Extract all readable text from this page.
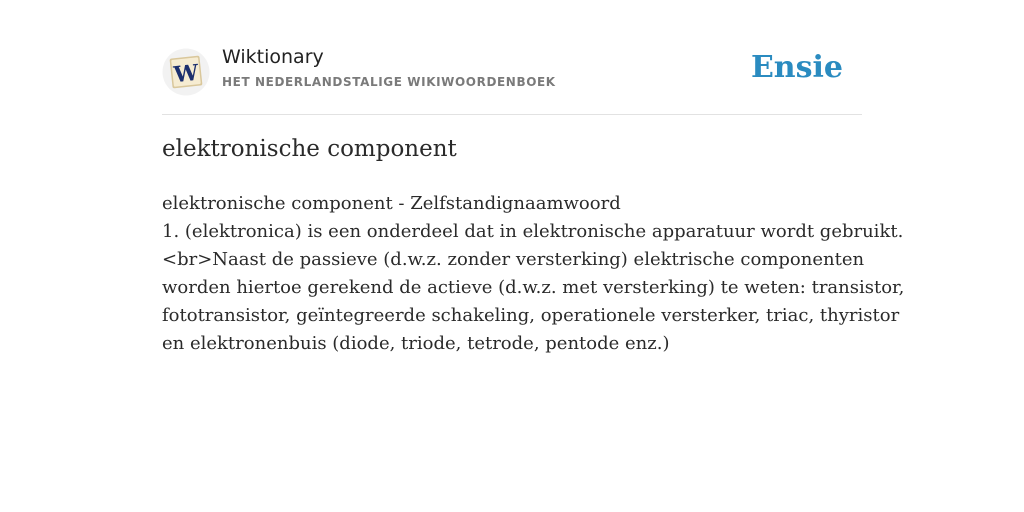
W
Wiktionary
HET NEDERLANDSTALIGE WIKIWOORDENBOEK	Ensie
elektronische component
elektronische component - Zelfstandignaamwoord
1. (elektronica) is een onderdeel dat in elektronische apparatuur wordt gebruikt.
<br>Naast de passieve (d.w.z. zonder versterking) elektrische componenten
worden hiertoe gerekend de actieve (d.w.z. met versterking) te weten: transistor,
fototransistor, geïntegreerde schakeling, operationele versterker, triac, thyristor
en elektronenbuis (diode, triode, tetrode, pentode enz.)
